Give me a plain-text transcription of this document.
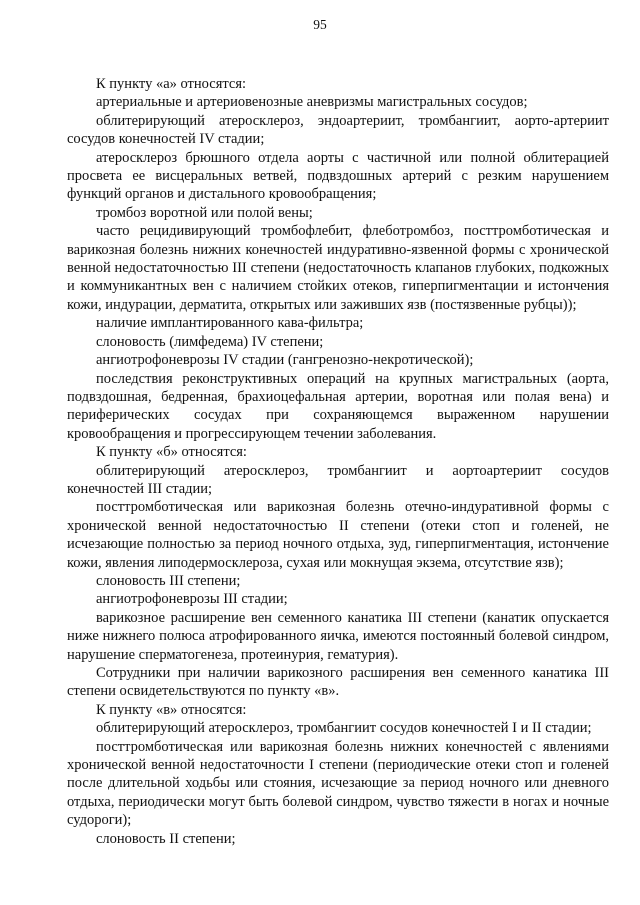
95

К пункту «а» относятся:

артериальные и артериовенозные аневризмы магистральных сосудов;

облитерирующий атеросклероз, эндоартериит, тромбангиит, аорто-артериит сосудов конечностей IV стадии;

атеросклероз брюшного отдела аорты с частичной или полной облитерацией просвета ее висцеральных ветвей, подвздошных артерий с резким нарушением функций органов и дистального кровообращения;

тромбоз воротной или полой вены;

часто рецидивирующий тромбофлебит, флеботромбоз, посттромботическая и варикозная болезнь нижних конечностей индуративно-язвенной формы с хронической венной недостаточностью III степени (недостаточность клапанов глубоких, подкожных и коммуникантных вен с наличием стойких отеков, гиперпигментации и истончения кожи, индурации, дерматита, открытых или заживших язв (постязвенные рубцы));

наличие имплантированного кава-фильтра;

слоновость (лимфедема) IV степени;

ангиотрофоневрозы IV стадии (гангренозно-некротической);

последствия реконструктивных операций на крупных магистральных (аорта, подвздошная, бедренная, брахиоцефальная артерии, воротная или полая вена) и периферических сосудах при сохраняющемся выраженном нарушении кровообращения и прогрессирующем течении заболевания.

К пункту «б» относятся:

облитерирующий атеросклероз, тромбангиит и аортоартериит сосудов конечностей III стадии;

посттромботическая или варикозная болезнь отечно-индуративной формы с хронической венной недостаточностью II степени (отеки стоп и голеней, не исчезающие полностью за период ночного отдыха, зуд, гиперпигментация, истончение кожи, явления липодермосклероза, сухая или мокнущая экзема, отсутствие язв);

слоновость III степени;

ангиотрофоневрозы III стадии;

варикозное расширение вен семенного канатика III степени (канатик опускается ниже нижнего полюса атрофированного яичка, имеются постоянный болевой синдром, нарушение сперматогенеза, протеинурия, гематурия).

Сотрудники при наличии варикозного расширения вен семенного канатика III степени освидетельствуются по пункту «в».

К пункту «в» относятся:

облитерирующий атеросклероз, тромбангиит сосудов конечностей I и II стадии;

посттромботическая или варикозная болезнь нижних конечностей с явлениями хронической венной недостаточности I степени (периодические отеки стоп и голеней после длительной ходьбы или стояния, исчезающие за период ночного или дневного отдыха, периодически могут быть болевой синдром, чувство тяжести в ногах и ночные судороги);

слоновость II степени;
